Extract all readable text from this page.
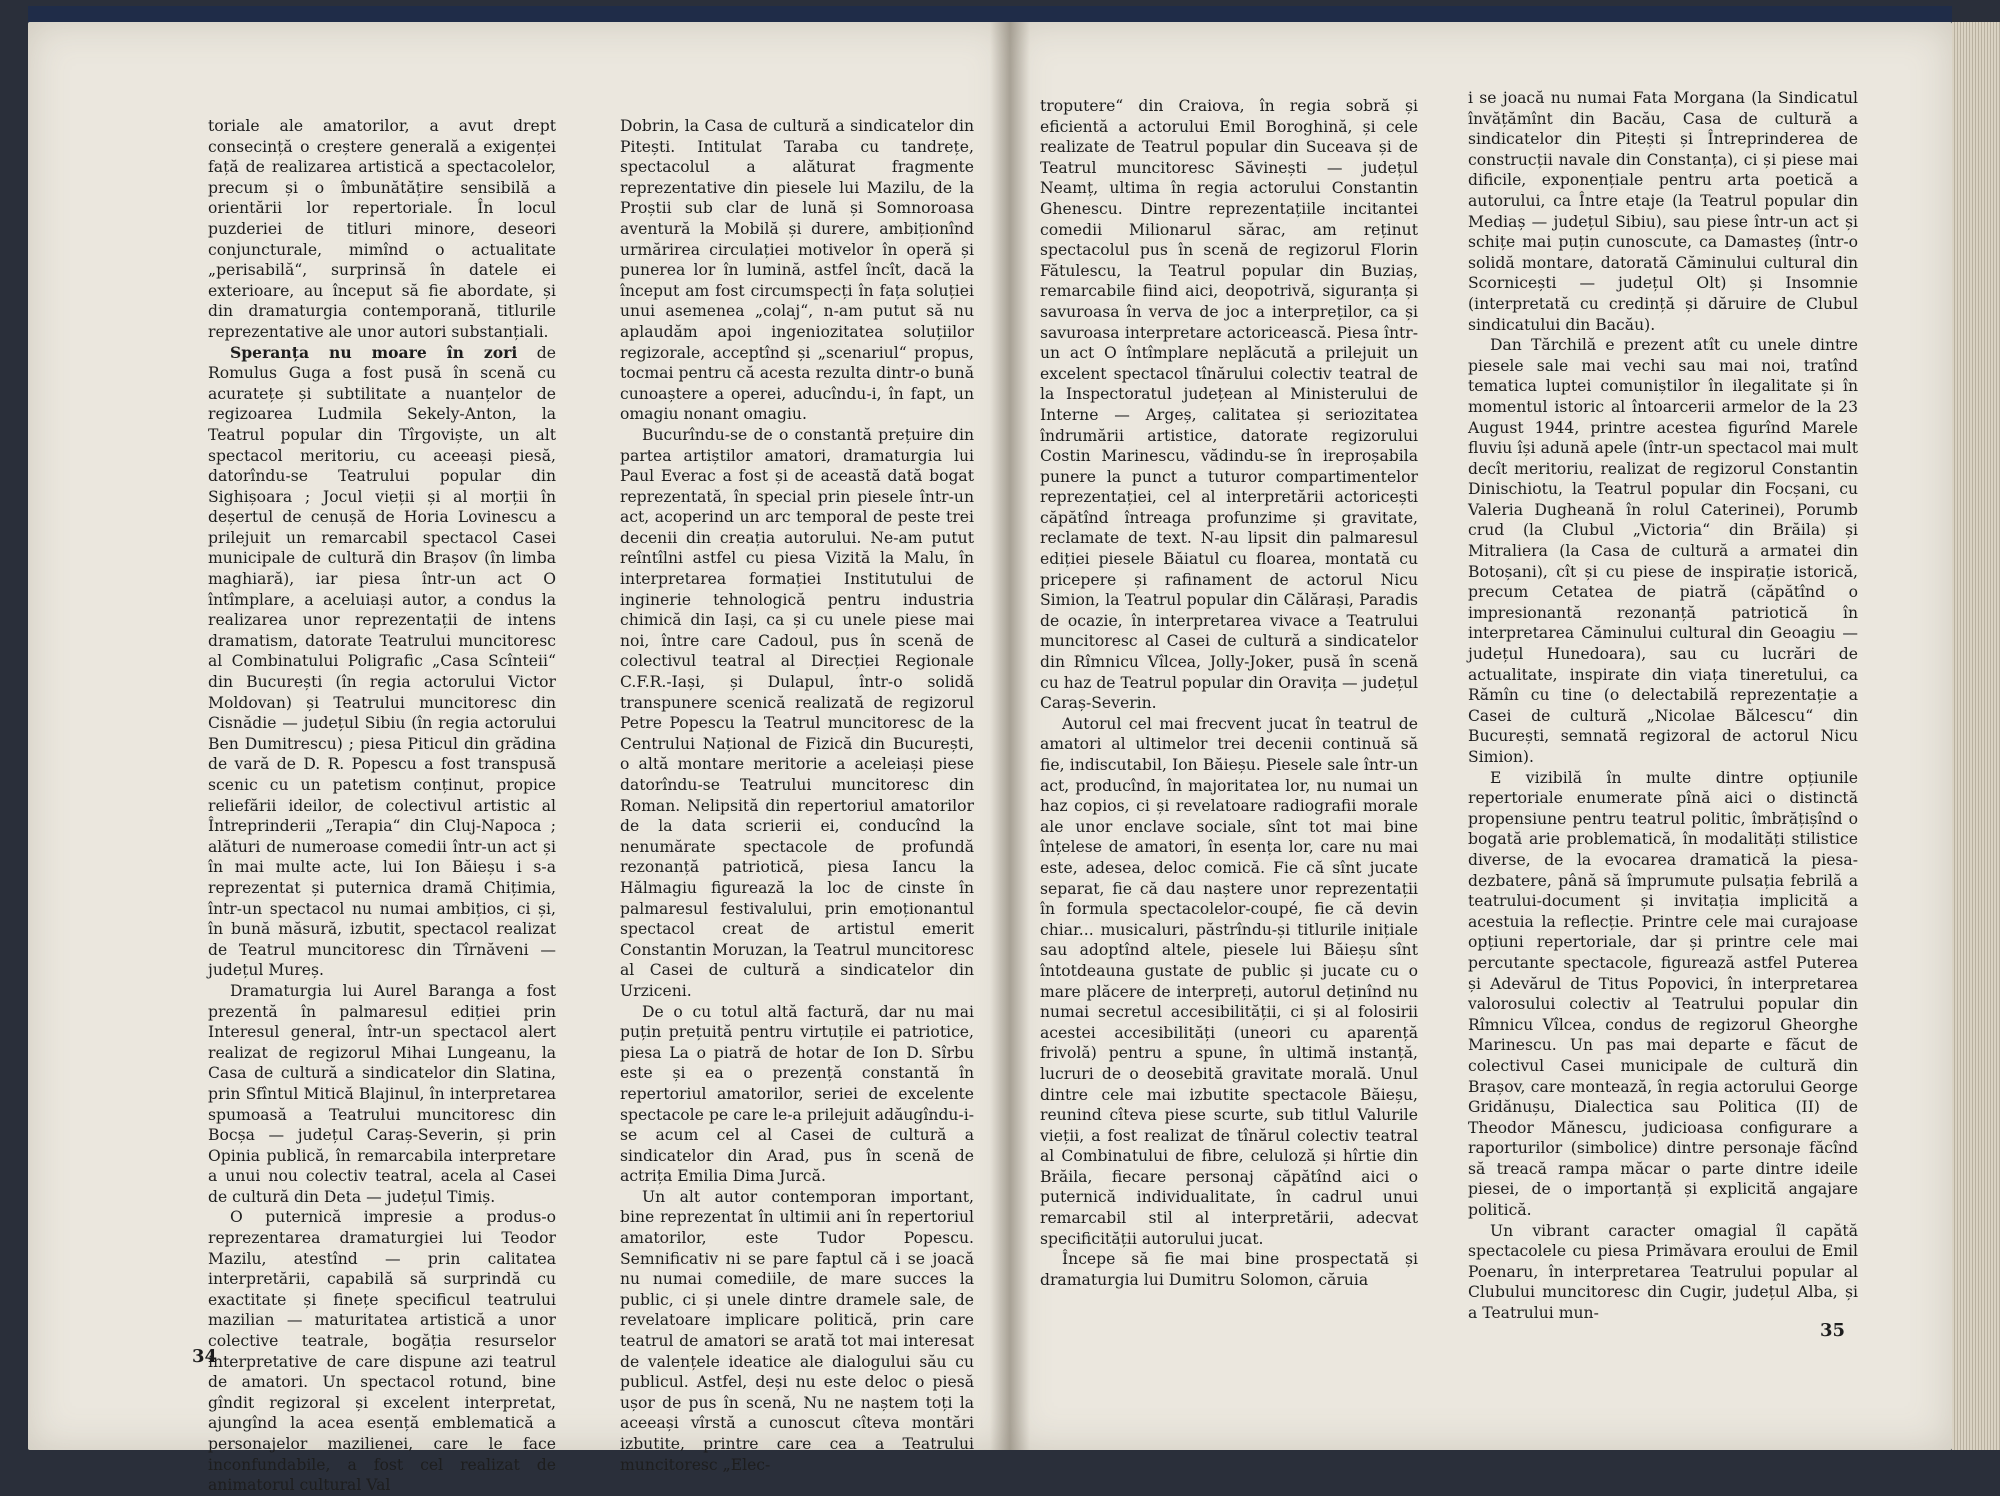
toriale ale amatorilor, a avut drept consecință o creștere generală a exigenței față de realizarea artistică a spectacolelor, precum și o îmbunătățire sensibilă a orientării lor repertoriale. În locul puzderiei de titluri minore, deseori conjuncturale, mimînd o actualitate „perisabilă“, surprinsă în datele ei exterioare, au început să fie abordate, și din dramaturgia contemporană, titlurile reprezentative ale unor autori substanțiali.

Speranța nu moare în zori de Romulus Guga a fost pusă în scenă cu acuratețe și subtilitate a nuanțelor de regizoarea Ludmila Sekely-Anton, la Teatrul popular din Tîrgoviște, un alt spectacol meritoriu, cu aceeași piesă, datorîndu-se Teatrului popular din Sighișoara ; Jocul vieții și al morții în deșertul de cenușă de Horia Lovinescu a prilejuit un remarcabil spectacol Casei municipale de cultură din Brașov (în limba maghiară), iar piesa într-un act O întîmplare, a aceluiași autor, a condus la realizarea unor reprezentații de intens dramatism, datorate Teatrului muncitoresc al Combinatului Poligrafic „Casa Scînteii“ din București (în regia actorului Victor Moldovan) și Teatrului muncitoresc din Cisnădie — județul Sibiu (în regia actorului Ben Dumitrescu) ; piesa Piticul din grădina de vară de D. R. Popescu a fost transpusă scenic cu un patetism conținut, propice reliefării ideilor, de colectivul artistic al Întreprinderii „Terapia“ din Cluj-Napoca ; alături de numeroase comedii într-un act și în mai multe acte, lui Ion Băieșu i s-a reprezentat și puternica dramă Chițimia, într-un spectacol nu numai ambițios, ci și, în bună măsură, izbutit, spectacol realizat de Teatrul muncitoresc din Tîrnăveni — județul Mureș.

Dramaturgia lui Aurel Baranga a fost prezentă în palmaresul ediției prin Interesul general, într-un spectacol alert realizat de regizorul Mihai Lungeanu, la Casa de cultură a sindicatelor din Slatina, prin Sfîntul Mitică Blajinul, în interpretarea spumoasă a Teatrului muncitoresc din Bocșa — județul Caraș-Severin, și prin Opinia publică, în remarcabila interpretare a unui nou colectiv teatral, acela al Casei de cultură din Deta — județul Timiș.

O puternică impresie a produs-o reprezentarea dramaturgiei lui Teodor Mazilu, atestînd — prin calitatea interpretării, capabilă să surprindă cu exactitate și finețe specificul teatrului mazilian — maturitatea artistică a unor colective teatrale, bogăția resurselor interpretative de care dispune azi teatrul de amatori. Un spectacol rotund, bine gîndit regizoral și excelent interpretat, ajungînd la acea esență emblematică a personajelor mazilienei, care le face inconfundabile, a fost cel realizat de animatorul cultural Val

Dobrin, la Casa de cultură a sindicatelor din Pitești. Intitulat Taraba cu tandrețe, spectacolul a alăturat fragmente reprezentative din piesele lui Mazilu, de la Proștii sub clar de lună și Somnoroasa aventură la Mobilă și durere, ambiționînd urmărirea circulației motivelor în operă și punerea lor în lumină, astfel încît, dacă la început am fost circumspecți în fața soluției unui asemenea „colaj“, n-am putut să nu aplaudăm apoi ingeniozitatea soluțiilor regizorale, acceptînd și „scenariul“ propus, tocmai pentru că acesta rezulta dintr-o bună cunoaștere a operei, aducîndu-i, în fapt, un omagiu nonant omagiu.

Bucurîndu-se de o constantă prețuire din partea artiștilor amatori, dramaturgia lui Paul Everac a fost și de această dată bogat reprezentată, în special prin piesele într-un act, acoperind un arc temporal de peste trei decenii din creația autorului. Ne-am putut reîntîlni astfel cu piesa Vizită la Malu, în interpretarea formației Institutului de inginerie tehnologică pentru industria chimică din Iași, ca și cu unele piese mai noi, între care Cadoul, pus în scenă de colectivul teatral al Direcției Regionale C.F.R.-Iași, și Dulapul, într-o solidă transpunere scenică realizată de regizorul Petre Popescu la Teatrul muncitoresc de la Centrului Național de Fizică din București, o altă montare meritorie a aceleiași piese datorîndu-se Teatrului muncitoresc din Roman. Nelipsită din repertoriul amatorilor de la data scrierii ei, conducînd la nenumărate spectacole de profundă rezonanță patriotică, piesa Iancu la Hălmagiu figurează la loc de cinste în palmaresul festivalului, prin emoționantul spectacol creat de artistul emerit Constantin Moruzan, la Teatrul muncitoresc al Casei de cultură a sindicatelor din Urziceni.

De o cu totul altă factură, dar nu mai puțin prețuită pentru virtuțile ei patriotice, piesa La o piatră de hotar de Ion D. Sîrbu este și ea o prezență constantă în repertoriul amatorilor, seriei de excelente spectacole pe care le-a prilejuit adăugîndu-i-se acum cel al Casei de cultură a sindicatelor din Arad, pus în scenă de actrița Emilia Dima Jurcă.

Un alt autor contemporan important, bine reprezentat în ultimii ani în repertoriul amatorilor, este Tudor Popescu. Semnificativ ni se pare faptul că i se joacă nu numai comediile, de mare succes la public, ci și unele dintre dramele sale, de revelatoare implicare politică, prin care teatrul de amatori se arată tot mai interesat de valențele ideatice ale dialogului său cu publicul. Astfel, deși nu este deloc o piesă ușor de pus în scenă, Nu ne naștem toți la aceeași vîrstă a cunoscut cîteva montări izbutite, printre care cea a Teatrului muncitoresc „Elec-

troputere“ din Craiova, în regia sobră și eficientă a actorului Emil Boroghină, și cele realizate de Teatrul popular din Suceava și de Teatrul muncitoresc Săvinești — județul Neamț, ultima în regia actorului Constantin Ghenescu. Dintre reprezentațiile incitantei comedii Milionarul sărac, am reținut spectacolul pus în scenă de regizorul Florin Fătulescu, la Teatrul popular din Buziaș, remarcabile fiind aici, deopotrivă, siguranța și savuroasa în verva de joc a interpreților, ca și savuroasa interpretare actoricească. Piesa într-un act O întîmplare neplăcută a prilejuit un excelent spectacol tînărului colectiv teatral de la Inspectoratul județean al Ministerului de Interne — Argeș, calitatea și seriozitatea îndrumării artistice, datorate regizorului Costin Marinescu, vădindu-se în ireproșabila punere la punct a tuturor compartimentelor reprezentației, cel al interpretării actoricești căpătînd întreaga profunzime și gravitate, reclamate de text. N-au lipsit din palmaresul ediției piesele Băiatul cu floarea, montată cu pricepere și rafinament de actorul Nicu Simion, la Teatrul popular din Călărași, Paradis de ocazie, în interpretarea vivace a Teatrului muncitoresc al Casei de cultură a sindicatelor din Rîmnicu Vîlcea, Jolly-Joker, pusă în scenă cu haz de Teatrul popular din Oravița — județul Caraș-Severin.

Autorul cel mai frecvent jucat în teatrul de amatori al ultimelor trei decenii continuă să fie, indiscutabil, Ion Băieșu. Piesele sale într-un act, producînd, în majoritatea lor, nu numai un haz copios, ci și revelatoare radiografii morale ale unor enclave sociale, sînt tot mai bine înțelese de amatori, în esența lor, care nu mai este, adesea, deloc comică. Fie că sînt jucate separat, fie că dau naștere unor reprezentații în formula spectacolelor-coupé, fie că devin chiar... musicaluri, păstrîndu-și titlurile inițiale sau adoptînd altele, piesele lui Băieșu sînt întotdeauna gustate de public și jucate cu o mare plăcere de interpreți, autorul deținînd nu numai secretul accesibilității, ci și al folosirii acestei accesibilități (uneori cu aparență frivolă) pentru a spune, în ultimă instanță, lucruri de o deosebită gravitate morală. Unul dintre cele mai izbutite spectacole Băieșu, reunind cîteva piese scurte, sub titlul Valurile vieții, a fost realizat de tînărul colectiv teatral al Combinatului de fibre, celuloză și hîrtie din Brăila, fiecare personaj căpătînd aici o puternică individualitate, în cadrul unui remarcabil stil al interpretării, adecvat specificității autorului jucat.

Începe să fie mai bine prospectată și dramaturgia lui Dumitru Solomon, căruia

i se joacă nu numai Fata Morgana (la Sindicatul învățămînt din Bacău, Casa de cultură a sindicatelor din Pitești și Întreprinderea de construcții navale din Constanța), ci și piese mai dificile, exponențiale pentru arta poetică a autorului, ca Între etaje (la Teatrul popular din Mediaș — județul Sibiu), sau piese într-un act și schițe mai puțin cunoscute, ca Damasteș (într-o solidă montare, datorată Căminului cultural din Scornicești — județul Olt) și Insomnie (interpretată cu credință și dăruire de Clubul sindicatului din Bacău).

Dan Tărchilă e prezent atît cu unele dintre piesele sale mai vechi sau mai noi, tratînd tematica luptei comuniștilor în ilegalitate și în momentul istoric al întoarcerii armelor de la 23 August 1944, printre acestea figurînd Marele fluviu își adună apele (într-un spectacol mai mult decît meritoriu, realizat de regizorul Constantin Dinischiotu, la Teatrul popular din Focșani, cu Valeria Dugheană în rolul Caterinei), Porumb crud (la Clubul „Victoria“ din Brăila) și Mitraliera (la Casa de cultură a armatei din Botoșani), cît și cu piese de inspirație istorică, precum Cetatea de piatră (căpătînd o impresionantă rezonanță patriotică în interpretarea Căminului cultural din Geoagiu — județul Hunedoara), sau cu lucrări de actualitate, inspirate din viața tineretului, ca Rămîn cu tine (o delectabilă reprezentație a Casei de cultură „Nicolae Bălcescu“ din București, semnată regizoral de actorul Nicu Simion).

E vizibilă în multe dintre opțiunile repertoriale enumerate pînă aici o distinctă propensiune pentru teatrul politic, îmbrățișînd o bogată arie problematică, în modalități stilistice diverse, de la evocarea dramatică la piesa-dezbatere, până să împrumute pulsația febrilă a teatrului-document și invitația implicită a acestuia la reflecție. Printre cele mai curajoase opțiuni repertoriale, dar și printre cele mai percutante spectacole, figurează astfel Puterea și Adevărul de Titus Popovici, în interpretarea valorosului colectiv al Teatrului popular din Rîmnicu Vîlcea, condus de regizorul Gheorghe Marinescu. Un pas mai departe e făcut de colectivul Casei municipale de cultură din Brașov, care montează, în regia actorului George Gridănușu, Dialectica sau Politica (II) de Theodor Mănescu, judicioasa configurare a raporturilor (simbolice) dintre personaje făcînd să treacă rampa măcar o parte dintre ideile piesei, de o importanță și explicită angajare politică.

Un vibrant caracter omagial îl capătă spectacolele cu piesa Primăvara eroului de Emil Poenaru, în interpretarea Teatrului popular al Clubului muncitoresc din Cugir, județul Alba, și a Teatrului mun-

34
35
